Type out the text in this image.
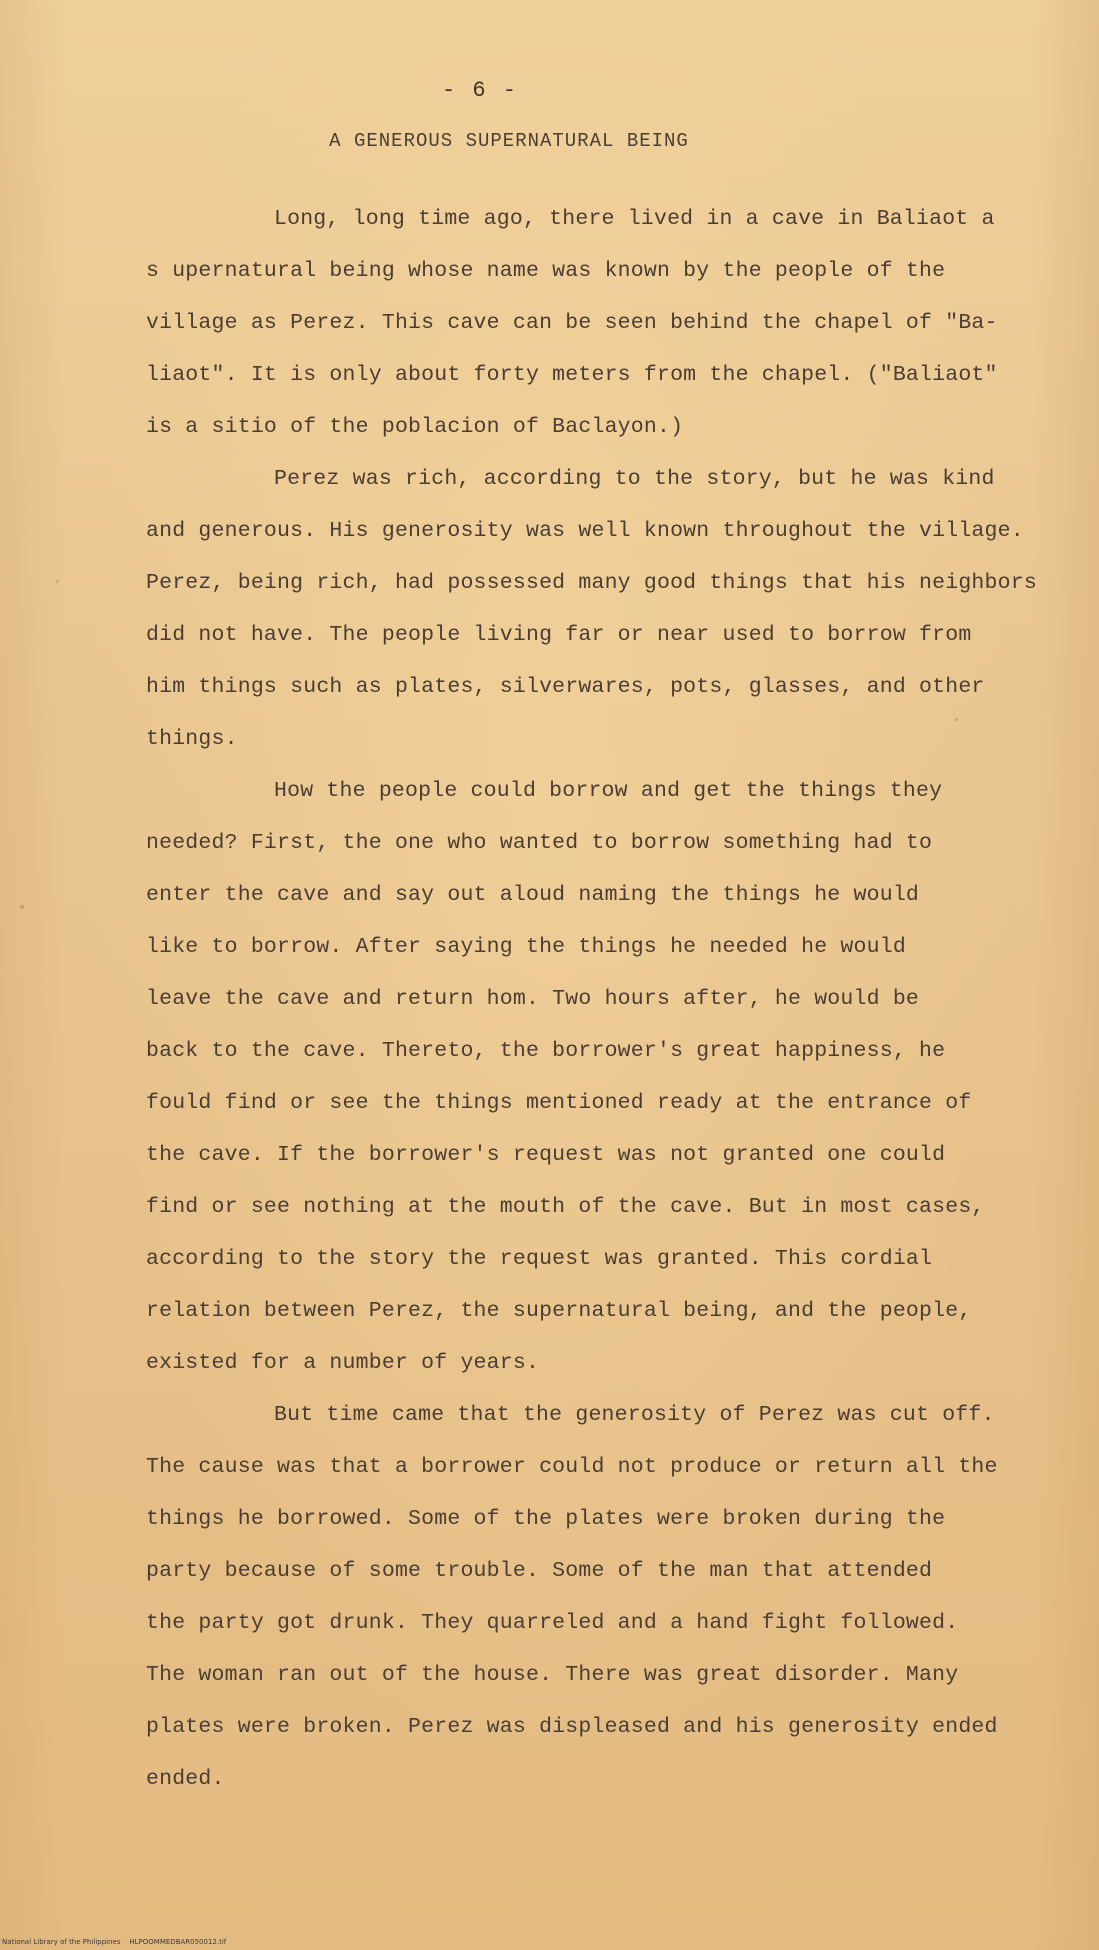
- 6 -
A GENEROUS SUPERNATURAL BEING
Long, long time ago, there lived in a cave in Baliaot a
s upernatural being whose name was known by the people of the
village as Perez. This cave can be seen behind the chapel of "Ba-
liaot". It is only about forty meters from the chapel. ("Baliaot"
is a sitio of the poblacion of Baclayon.)
Perez was rich, according to the story, but he was kind
and generous. His generosity was well known throughout the village.
Perez, being rich, had possessed many good things that his neighbors
did not have. The people living far or near used to borrow from
him things such as plates, silverwares, pots, glasses, and other
things.
How the people could borrow and get the things they
needed? First, the one who wanted to borrow something had to
enter the cave and say out aloud naming the things he would
like to borrow. After saying the things he needed he would
leave the cave and return hom. Two hours after, he would be
back to the cave. Thereto, the borrower's great happiness, he
fould find or see the things mentioned ready at the entrance of
the cave. If the borrower's request was not granted one could
find or see nothing at the mouth of the cave. But in most cases,
according to the story the request was granted. This cordial
relation between Perez, the supernatural being, and the people,
existed for a number of years.
But time came that the generosity of Perez was cut off.
The cause was that a borrower could not produce or return all the
things he borrowed. Some of the plates were broken during the
party because of some trouble. Some of the man that attended
the party got drunk. They quarreled and a hand fight followed.
The woman ran out of the house. There was great disorder. Many
plates were broken. Perez was displeased and his generosity ended
ended.
National Library of the Philippines    HLPOOMMEDBAR050012.tif
